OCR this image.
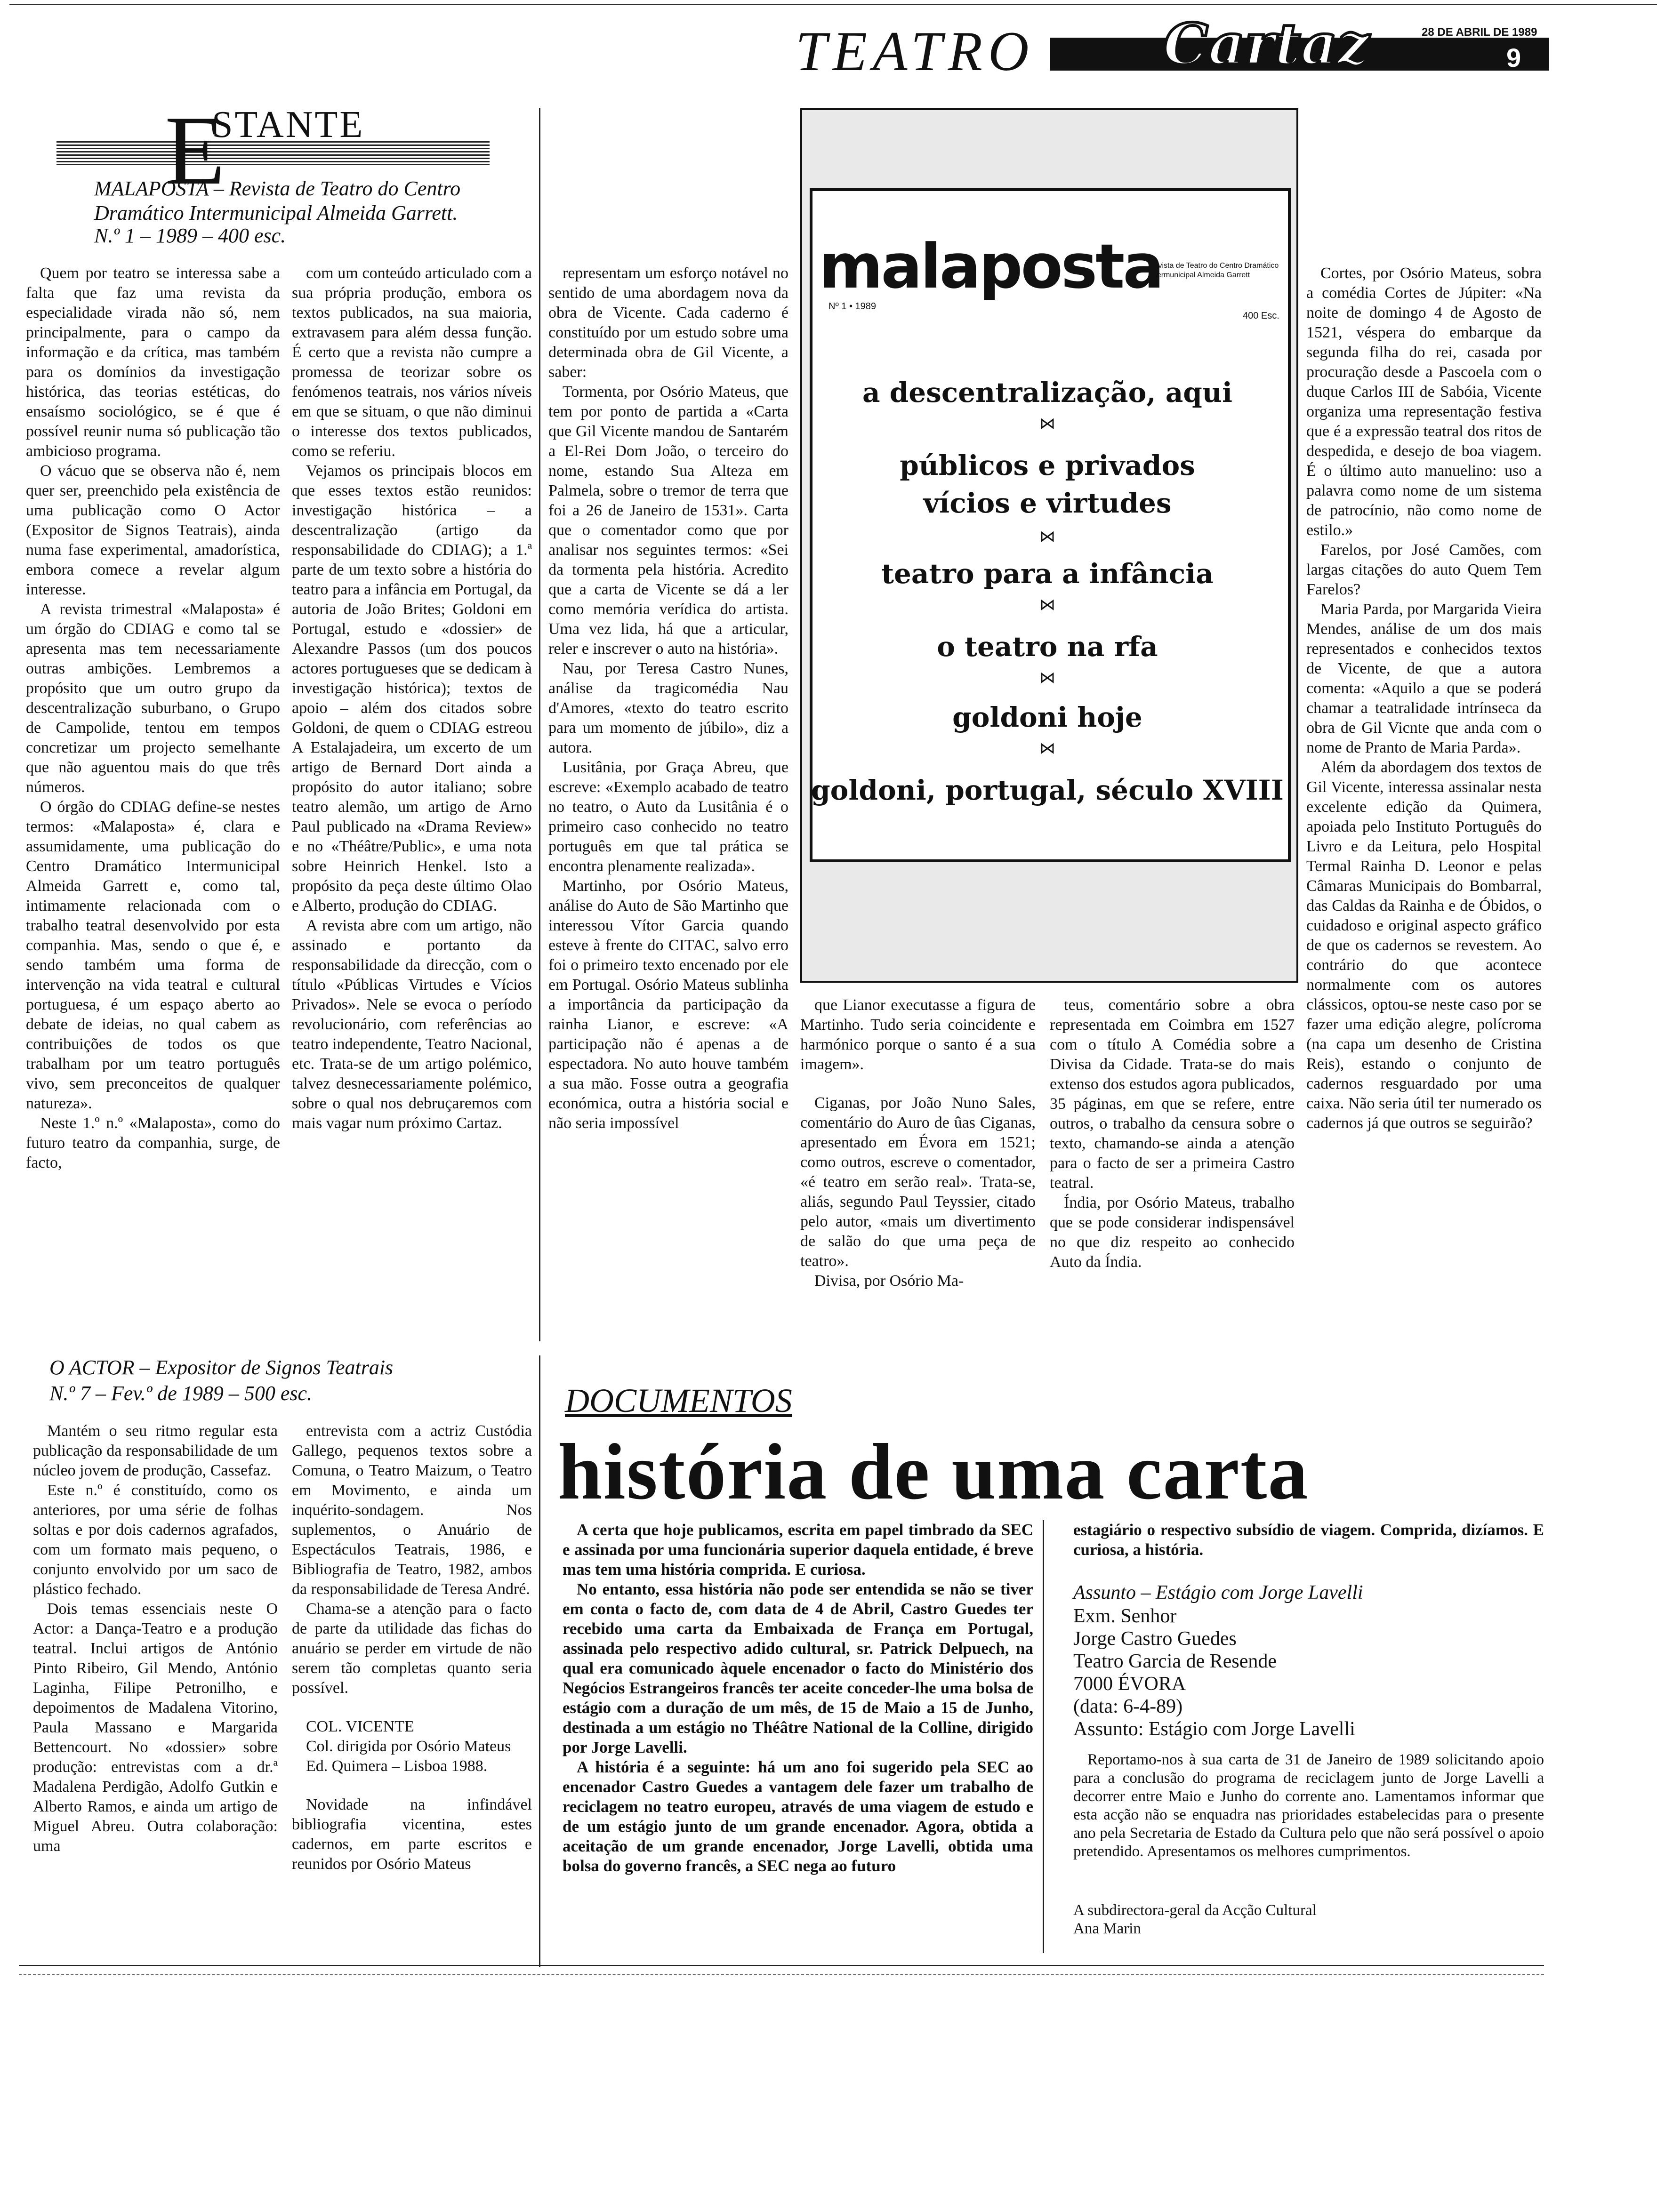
TEATRO	Cartaz	28 DE ABRIL DE 1989
9
E
STANTE
MALAPOSTA – Revista de Teatro do Centro Dramático Intermunicipal Almeida Garrett.
N.º 1 – 1989 – 400 esc.

Quem por teatro se interessa sabe a falta que faz uma revista da especialidade virada não só, nem principalmente, para o campo da informação e da crítica, mas também para os domínios da investigação histórica, das teorias estéticas, do ensaísmo sociológico, se é que é possível reunir numa só publicação tão ambicioso programa.

O vácuo que se observa não é, nem quer ser, preenchido pela existência de uma publicação como O Actor (Expositor de Signos Teatrais), ainda numa fase experimental, amadorística, embora comece a revelar algum interesse.

A revista trimestral «Malaposta» é um órgão do CDIAG e como tal se apresenta mas tem necessariamente outras ambições. Lembremos a propósito que um outro grupo da descentralização suburbano, o Grupo de Campolide, tentou em tempos concretizar um projecto semelhante que não aguentou mais do que três números.

O órgão do CDIAG define-se nestes termos: «Malaposta» é, clara e assumidamente, uma publicação do Centro Dramático Intermunicipal Almeida Garrett e, como tal, intimamente relacionada com o trabalho teatral desenvolvido por esta companhia. Mas, sendo o que é, e sendo também uma forma de intervenção na vida teatral e cultural portuguesa, é um espaço aberto ao debate de ideias, no qual cabem as contribuições de todos os que trabalham por um teatro português vivo, sem preconceitos de qualquer natureza».

Neste 1.º n.º «Malaposta», como do futuro teatro da companhia, surge, de facto,

com um conteúdo articulado com a sua própria produção, embora os textos publicados, na sua maioria, extravasem para além dessa função. É certo que a revista não cumpre a promessa de teorizar sobre os fenómenos teatrais, nos vários níveis em que se situam, o que não diminui o interesse dos textos publicados, como se referiu.

Vejamos os principais blocos em que esses textos estão reunidos: investigação histórica – a descentralização (artigo da responsabilidade do CDIAG); a 1.ª parte de um texto sobre a história do teatro para a infância em Portugal, da autoria de João Brites; Goldoni em Portugal, estudo e «dossier» de Alexandre Passos (um dos poucos actores portugueses que se dedicam à investigação histórica); textos de apoio – além dos citados sobre Goldoni, de quem o CDIAG estreou A Estalajadeira, um excerto de um artigo de Bernard Dort ainda a propósito do autor italiano; sobre teatro alemão, um artigo de Arno Paul publicado na «Drama Review» e no «Théâtre/Public», e uma nota sobre Heinrich Henkel. Isto a propósito da peça deste último Olao e Alberto, produção do CDIAG.

A revista abre com um artigo, não assinado e portanto da responsabilidade da direcção, com o título «Públicas Virtudes e Vícios Privados». Nele se evoca o período revolucionário, com referências ao teatro independente, Teatro Nacional, etc. Trata-se de um artigo polémico, talvez desnecessariamente polémico, sobre o qual nos debruçaremos com mais vagar num próximo Cartaz.

O ACTOR – Expositor de Signos Teatrais
N.º 7 – Fev.º de 1989 – 500 esc.

Mantém o seu ritmo regular esta publicação da responsabilidade de um núcleo jovem de produção, Cassefaz.

Este n.º é constituído, como os anteriores, por uma série de folhas soltas e por dois cadernos agrafados, com um formato mais pequeno, o conjunto envolvido por um saco de plástico fechado.

Dois temas essenciais neste O Actor: a Dança-Teatro e a produção teatral. Inclui artigos de António Pinto Ribeiro, Gil Mendo, António Laginha, Filipe Petronilho, e depoimentos de Madalena Vitorino, Paula Massano e Margarida Bettencourt. No «dossier» sobre produção: entrevistas com a dr.ª Madalena Perdigão, Adolfo Gutkin e Alberto Ramos, e ainda um artigo de Miguel Abreu. Outra colaboração: uma

entrevista com a actriz Custódia Gallego, pequenos textos sobre a Comuna, o Teatro Maizum, o Teatro em Movimento, e ainda um inquérito-sondagem. Nos suplementos, o Anuário de Espectáculos Teatrais, 1986, e Bibliografia de Teatro, 1982, ambos da responsabilidade de Teresa André.

Chama-se a atenção para o facto de parte da utilidade das fichas do anuário se perder em virtude de não serem tão completas quanto seria possível.

COL. VICENTE

Col. dirigida por Osório Mateus

Ed. Quimera – Lisboa 1988.

Novidade na infindável bibliografia vicentina, estes cadernos, em parte escritos e reunidos por Osório Mateus

representam um esforço notável no sentido de uma abordagem nova da obra de Vicente. Cada caderno é constituído por um estudo sobre uma determinada obra de Gil Vicente, a saber:

Tormenta, por Osório Mateus, que tem por ponto de partida a «Carta que Gil Vicente mandou de Santarém a El-Rei Dom João, o terceiro do nome, estando Sua Alteza em Palmela, sobre o tremor de terra que foi a 26 de Janeiro de 1531». Carta que o comentador como que por analisar nos seguintes termos: «Sei da tormenta pela história. Acredito que a carta de Vicente se dá a ler como memória verídica do artista. Uma vez lida, há que a articular, reler e inscrever o auto na história».

Nau, por Teresa Castro Nunes, análise da tragicomédia Nau d'Amores, «texto do teatro escrito para um momento de júbilo», diz a autora.

Lusitânia, por Graça Abreu, que escreve: «Exemplo acabado de teatro no teatro, o Auto da Lusitânia é o primeiro caso conhecido no teatro português em que tal prática se encontra plenamente realizada».

Martinho, por Osório Mateus, análise do Auto de São Martinho que interessou Vítor Garcia quando esteve à frente do CITAC, salvo erro foi o primeiro texto encenado por ele em Portugal. Osório Mateus sublinha a importância da participação da rainha Lianor, e escreve: «A participação não é apenas a de espectadora. No auto houve também a sua mão. Fosse outra a geografia económica, outra a história social e não seria impossível

malaposta
Revista de Teatro do Centro Dramático Intermunicipal Almeida Garrett
Nº 1 • 1989
400 Esc.
a descentralização, aqui
⋈
públicos e privados
vícios e virtudes
⋈
teatro para a infância
⋈
o teatro na rfa
⋈
goldoni hoje
⋈
goldoni, portugal, século XVIII

Cortes, por Osório Mateus, sobra a comédia Cortes de Júpiter: «Na noite de domingo 4 de Agosto de 1521, véspera do embarque da segunda filha do rei, casada por procuração desde a Pascoela com o duque Carlos III de Sabóia, Vicente organiza uma representação festiva que é a expressão teatral dos ritos de despedida, e desejo de boa viagem. É o último auto manuelino: uso a palavra como nome de um sistema de patrocínio, não como nome de estilo.»

Farelos, por José Camões, com largas citações do auto Quem Tem Farelos?

Maria Parda, por Margarida Vieira Mendes, análise de um dos mais representados e conhecidos textos de Vicente, de que a autora comenta: «Aquilo a que se poderá chamar a teatralidade intrínseca da obra de Gil Vicnte que anda com o nome de Pranto de Maria Parda».

Além da abordagem dos textos de Gil Vicente, interessa assinalar nesta excelente edição da Quimera, apoiada pelo Instituto Português do Livro e da Leitura, pelo Hospital Termal Rainha D. Leonor e pelas Câmaras Municipais do Bombarral, das Caldas da Rainha e de Óbidos, o cuidadoso e original aspecto gráfico de que os cadernos se revestem. Ao contrário do que acontece normalmente com os autores clássicos, optou-se neste caso por se fazer uma edição alegre, polícroma (na capa um desenho de Cristina Reis), estando o conjunto de cadernos resguardado por uma caixa. Não seria útil ter numerado os cadernos já que outros se seguirão?

que Lianor executasse a figura de Martinho. Tudo seria coincidente e harmónico porque o santo é a sua imagem».

Ciganas, por João Nuno Sales, comentário do Auro de ûas Ciganas, apresentado em Évora em 1521; como outros, escreve o comentador, «é teatro em serão real». Trata-se, aliás, segundo Paul Teyssier, citado pelo autor, «mais um divertimento de salão do que uma peça de teatro».

Divisa, por Osório Ma-

teus, comentário sobre a obra representada em Coimbra em 1527 com o título A Comédia sobre a Divisa da Cidade. Trata-se do mais extenso dos estudos agora publicados, 35 páginas, em que se refere, entre outros, o trabalho da censura sobre o texto, chamando-se ainda a atenção para o facto de ser a primeira Castro teatral.

Índia, por Osório Mateus, trabalho que se pode considerar indispensável no que diz respeito ao conhecido Auto da Índia.

DOCUMENTOS
história de uma carta

A certa que hoje publicamos, escrita em papel timbrado da SEC e assinada por uma funcionária superior daquela entidade, é breve mas tem uma história comprida. E curiosa.

No entanto, essa história não pode ser entendida se não se tiver em conta o facto de, com data de 4 de Abril, Castro Guedes ter recebido uma carta da Embaixada de França em Portugal, assinada pelo respectivo adido cultural, sr. Patrick Delpuech, na qual era comunicado àquele encenador o facto do Ministério dos Negócios Estrangeiros francês ter aceite conceder-lhe uma bolsa de estágio com a duração de um mês, de 15 de Maio a 15 de Junho, destinada a um estágio no Théâtre National de la Colline, dirigido por Jorge Lavelli.

A história é a seguinte: há um ano foi sugerido pela SEC ao encenador Castro Guedes a vantagem dele fazer um trabalho de reciclagem no teatro europeu, através de uma viagem de estudo e de um estágio junto de um grande encenador. Agora, obtida a aceitação de um grande encenador, Jorge Lavelli, obtida uma bolsa do governo francês, a SEC nega ao futuro

estagiário o respectivo subsídio de viagem. Comprida, dizíamos. E curiosa, a história.
Assunto – Estágio com Jorge Lavelli
Exm. Senhor
Jorge Castro Guedes
Teatro Garcia de Resende
7000 ÉVORA
(data: 6-4-89)
Assunto: Estágio com Jorge Lavelli
Reportamo-nos à sua carta de 31 de Janeiro de 1989 solicitando apoio para a conclusão do programa de reciclagem junto de Jorge Lavelli a decorrer entre Maio e Junho do corrente ano. Lamentamos informar que esta acção não se enquadra nas prioridades estabelecidas para o presente ano pela Secretaria de Estado da Cultura pelo que não será possível o apoio pretendido. Apresentamos os melhores cumprimentos.
A subdirectora-geral da Acção Cultural
Ana Marin
